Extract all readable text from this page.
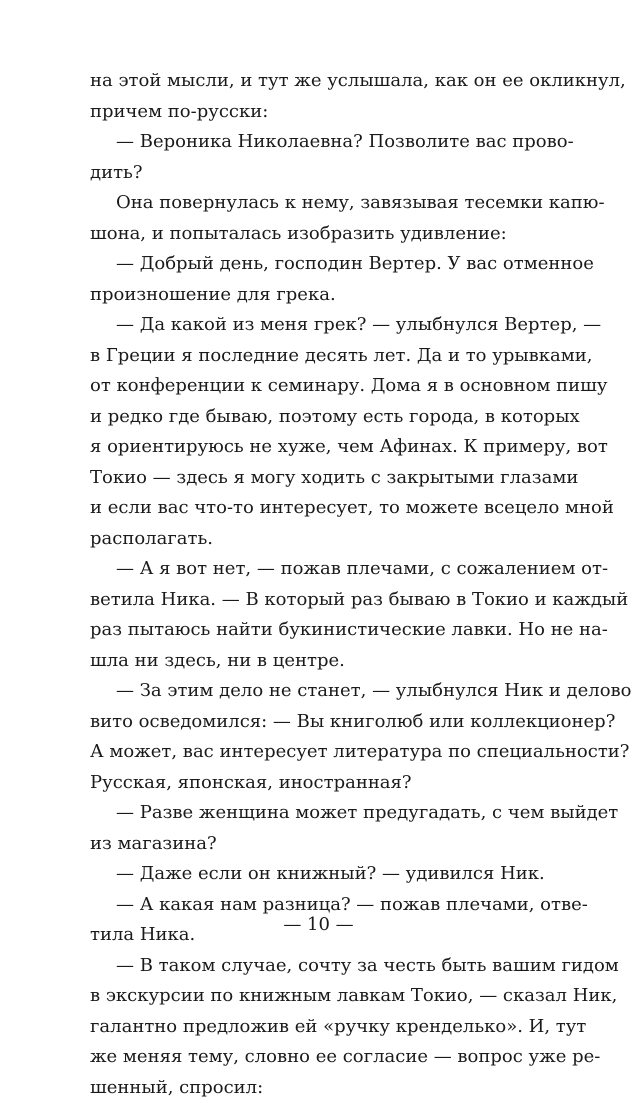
на этой мысли, и тут же услышала, как он ее окликнул,
причем по-русски:
— Вероника Николаевна? Позволите вас прово-
дить?
Она повернулась к нему, завязывая тесемки капю-
шона, и попыталась изобразить удивление:
— Добрый день, господин Вертер. У вас отменное
произношение для грека.
— Да какой из меня грек? — улыбнулся Вертер, —
в Греции я последние десять лет. Да и то урывками,
от конференции к семинару. Дома я в основном пишу
и редко где бываю, поэтому есть города, в которых
я ориентируюсь не хуже, чем Афинах. К примеру, вот
Токио — здесь я могу ходить с закрытыми глазами
и если вас что-то интересует, то можете всецело мной
располагать.
— А я вот нет, — пожав плечами, с сожалением от-
ветила Ника. — В который раз бываю в Токио и каждый
раз пытаюсь найти букинистические лавки. Но не на-
шла ни здесь, ни в центре.
— За этим дело не станет, — улыбнулся Ник и делово
вито осведомился: — Вы книголюб или коллекционер?
А может, вас интересует литература по специальности?
Русская, японская, иностранная?
— Разве женщина может предугадать, с чем выйдет
из магазина?
— Даже если он книжный? — удивился Ник.
— А какая нам разница? — пожав плечами, отве-
тила Ника.
— В таком случае, сочту за честь быть вашим гидом
в экскурсии по книжным лавкам Токио, — сказал Ник,
галантно предложив ей «ручку кренделько». И, тут
же меняя тему, словно ее согласие — вопрос уже ре-
шенный, спросил:
— 10 —
